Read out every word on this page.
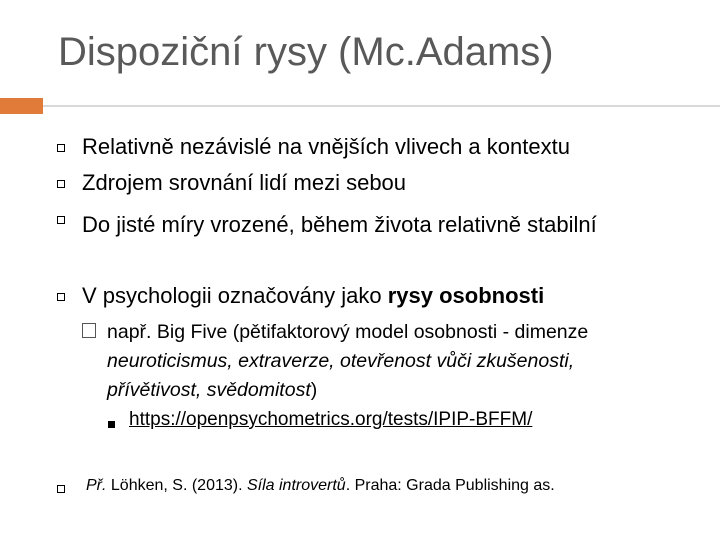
Dispoziční rysy (Mc.Adams)
Relativně nezávislé na vnějších vlivech a kontextu
Zdrojem srovnání lidí mezi sebou
Do jisté míry vrozené, během života relativně stabilní
V psychologii označovány jako rysy osobnosti
např. Big Five (pětifaktorový model osobnosti - dimenze neuroticismus, extraverze, otevřenost vůči zkušenosti, přívětivost, svědomitost)
https://openpsychometrics.org/tests/IPIP-BFFM/
Př. Löhken, S. (2013). Síla introvertů. Praha: Grada Publishing as.
